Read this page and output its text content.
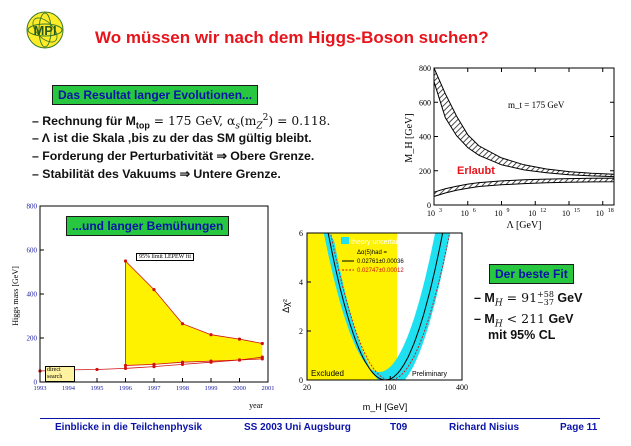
MPI Wo müssen wir nach dem Higgs-Boson suchen?
Das Resultat langer Evolutionen...
– Rechnung für $M_{top} = 175$ GeV, $\alpha_s(m_Z^2) = 0.118$.
– Λ ist die Skala ,bis zu der das SM gültig bleibt.
– Forderung der Perturbativität ⇒ Obere Grenze.
– Stabilität des Vakuums ⇒ Untere Grenze.
0
200
400
600
800
10 3 10 6 10 9 10 12 10 15 10 18
m_t = 175 GeV
Erlaubt
Λ [GeV]
M_H [GeV]
0
200
400
600
800
1993 1994 1995 1996 1997 1998 1999 2000 2001
year
Higgs mass [GeV]
...und langer Bemühungen
95% limit LEPEW fit
direct search	0
2
4
6
20	100	400
theory uncertainty
Δα(5)had =
0.02761±0.00036
0.02747±0.00012
Excluded	Preliminary
m_H [GeV]
Δχ²
Der beste Fit
– $M_H = 91 +58$
−37 GeV
– $M_H < 211$ GeV
mit 95% CL
Einblicke in die Teilchenphysik	SS 2003 Uni Augsburg	T09	Richard Nisius	Page 11
